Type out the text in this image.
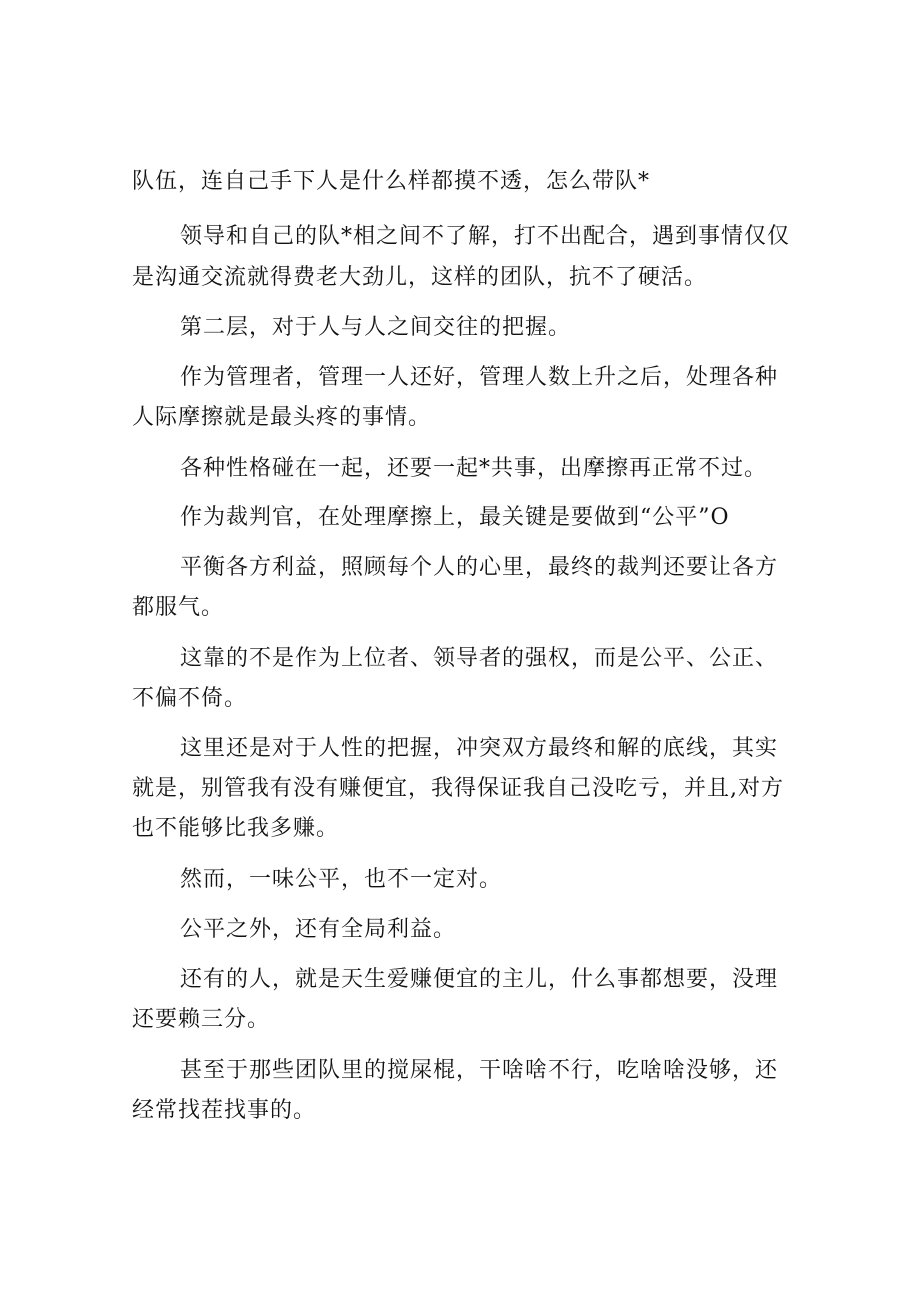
队伍，连自己手下人是什么样都摸不透，怎么带队*
领导和自己的队*相之间不了解，打不出配合，遇到事情仅仅
是沟通交流就得费老大劲儿，这样的团队，抗不了硬活。
第二层，对于人与人之间交往的把握。
作为管理者，管理一人还好，管理人数上升之后，处理各种
人际摩擦就是最头疼的事情。
各种性格碰在一起，还要一起*共事，出摩擦再正常不过。
作为裁判官，在处理摩擦上，最关键是要做到“公平”O
平衡各方利益，照顾每个人的心里，最终的裁判还要让各方
都服气。
这靠的不是作为上位者、领导者的强权，而是公平、公正、
不偏不倚。
这里还是对于人性的把握，冲突双方最终和解的底线，其实
就是，别管我有没有赚便宜，我得保证我自己没吃亏，并且,对方
也不能够比我多赚。
然而，一味公平，也不一定对。
公平之外，还有全局利益。
还有的人，就是天生爱赚便宜的主儿，什么事都想要，没理
还要赖三分。
甚至于那些团队里的搅屎棍，干啥啥不行，吃啥啥没够，还
经常找茬找事的。
